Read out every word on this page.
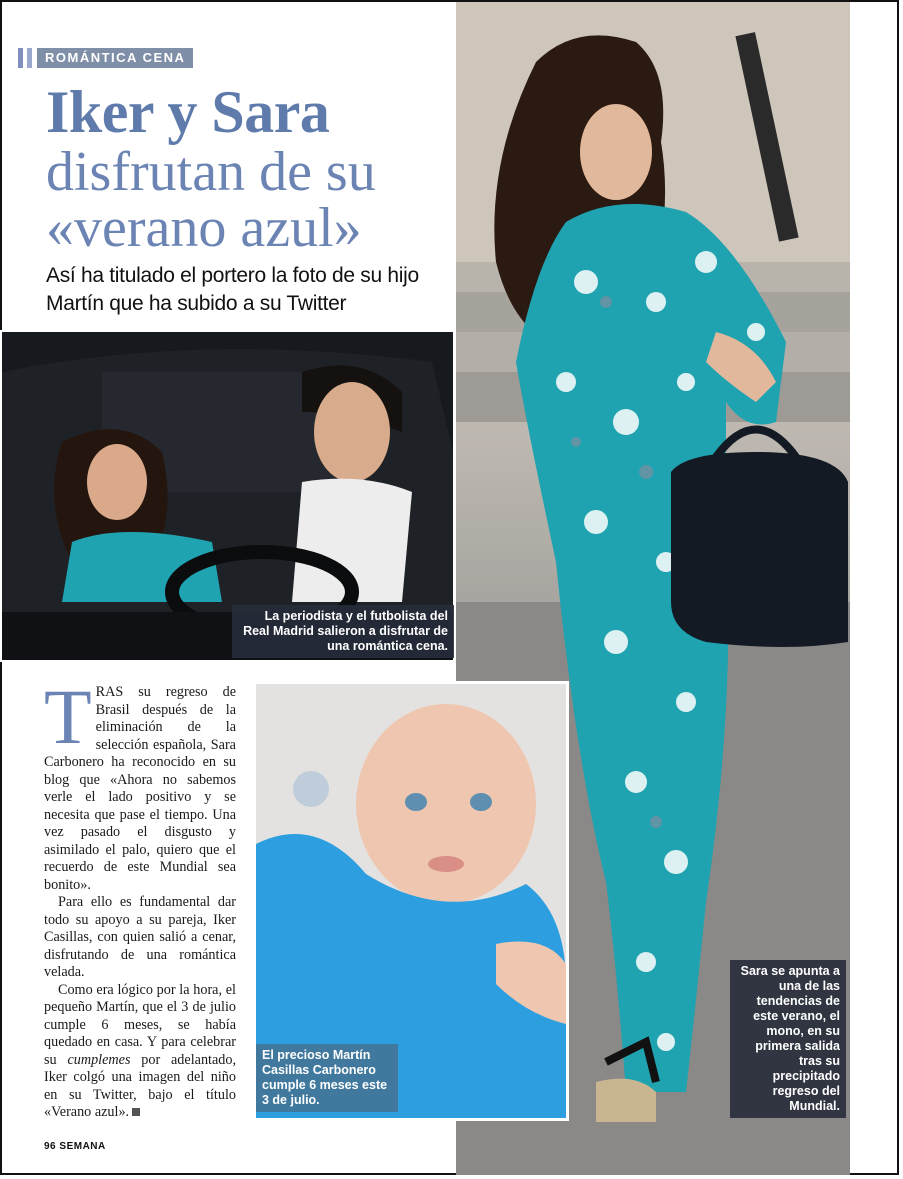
ROMÁNTICA CENA
Iker y Sara
disfrutan de su
«verano azul»
Así ha titulado el portero la foto de su hijo Martín que ha subido a su Twitter
La periodista y el futbolista del Real Madrid salieron a disfrutar de una romántica cena.
El precioso Martín Casillas Carbonero cumple 6 meses este 3 de julio.
Sara se apunta a una de las tendencias de este verano, el mono, en su primera salida tras su precipitado regreso del Mundial.

TRAS su regreso de Brasil después de la eliminación de la selección española, Sara Carbonero ha reconocido en su blog que «Ahora no sabemos verle el lado positivo y se necesita que pase el tiempo. Una vez pasado el disgusto y asimilado el palo, quiero que el recuerdo de este Mundial sea bonito».

Para ello es fundamental dar todo su apoyo a su pareja, Iker Casillas, con quien salió a cenar, disfrutando de una romántica velada.

Como era lógico por la hora, el pequeño Martín, que el 3 de julio cumple 6 meses, se había quedado en casa. Y para celebrar su cumplemes por adelantado, Iker colgó una imagen del niño en su Twitter, bajo el título «Verano azul».

96 SEMANA
